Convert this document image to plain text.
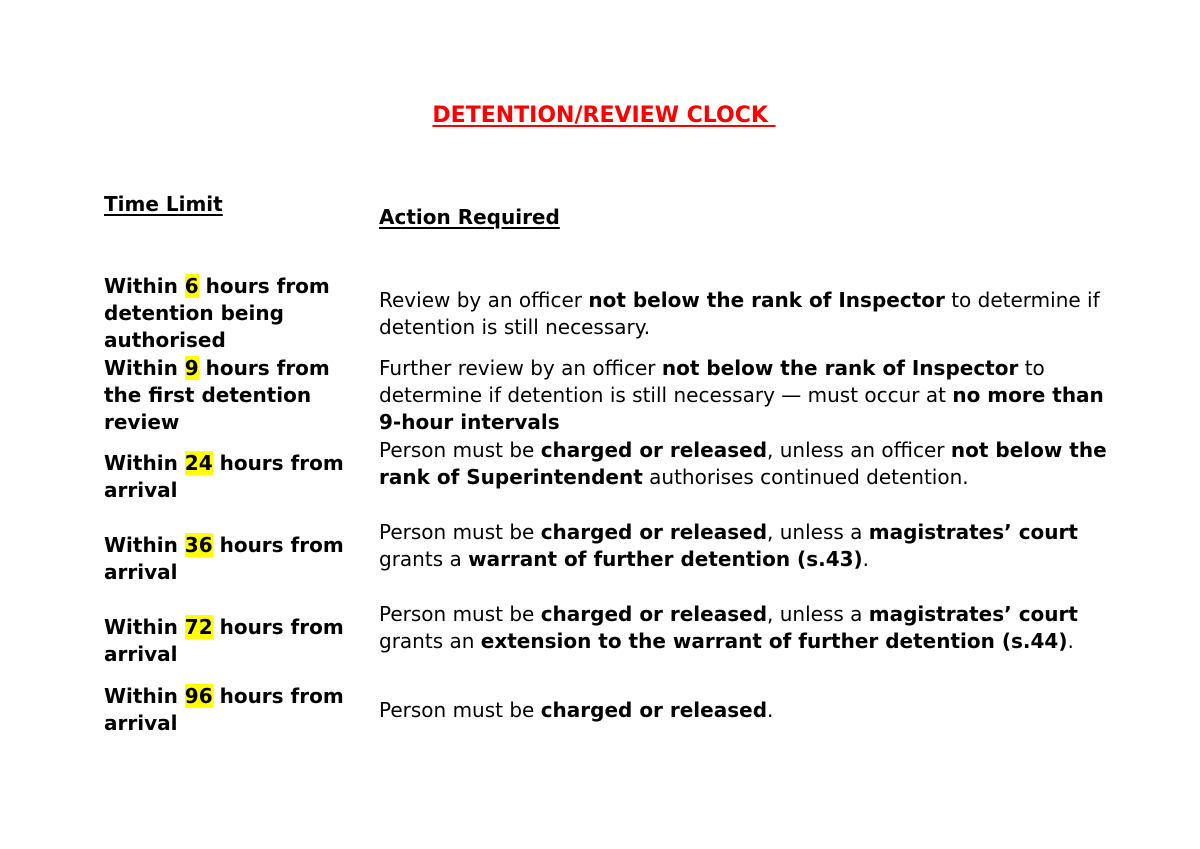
DETENTION/REVIEW CLOCK
Time Limit
Action Required
Within 6 hours from detention being authorised
Review by an officer not below the rank of Inspector to determine if detention is still necessary.
Within 9 hours from the first detention review
Further review by an officer not below the rank of Inspector to determine if detention is still necessary — must occur at no more than 9-hour intervals
Within 24 hours from arrival
Person must be charged or released, unless an officer not below the rank of Superintendent authorises continued detention.
Within 36 hours from arrival
Person must be charged or released, unless a magistrates’ court grants a warrant of further detention (s.43).
Within 72 hours from arrival
Person must be charged or released, unless a magistrates’ court grants an extension to the warrant of further detention (s.44).
Within 96 hours from arrival
Person must be charged or released.
